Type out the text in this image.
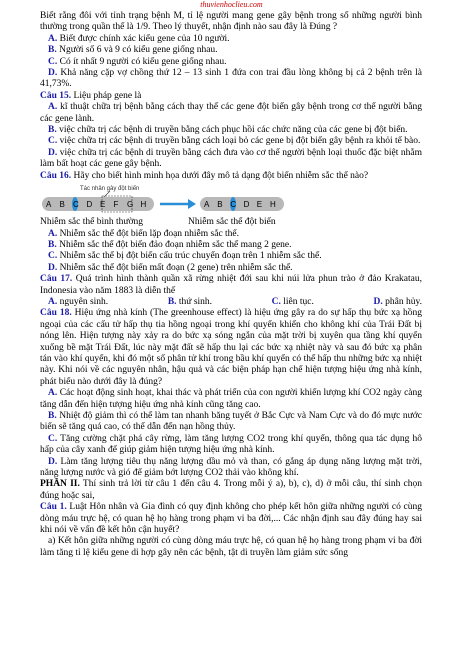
thuvienhoclieu.com

Biết rằng đôi với tỉnh trạng bệnh M, tỉ lệ người mang gene gây bệnh trong số những người bình thường trong quần thể là 1/9. Theo lý thuyết, nhận định nào sau đây là Đúng ?

A. Biết được chính xác kiểu gene của 10 người.

B. Người số 6 và 9 có kiểu gene giống nhau.

C. Có ít nhất 9 người có kiểu gene giống nhau.

D. Khả năng cặp vợ chồng thứ 12 – 13 sinh 1 đứa con trai đầu lòng không bị cả 2 bệnh trên là 41,73%.

Câu 15. Liệu pháp gene là

A. kĩ thuật chữa trị bệnh bằng cách thay thế các gene đột biến gây bệnh trong cơ thể người bằng các gene lành.

B. việc chữa trị các bệnh di truyền bằng cách phục hồi các chức năng của các gene bị đột biến.

C. việc chữa trị các bệnh di truyền bằng cách loại bỏ các gene bị đột biến gây bệnh ra khỏi tế bào.

D. việc chữa trị các bệnh di truyền bằng cách đưa vào cơ thể người bệnh loại thuốc đặc biệt nhằm làm bất hoạt các gene gây bệnh.

Câu 16. Hãy cho biết hình minh họa dưới đây mô tả dạng đột biến nhiễm sắc thể nào?

Tác nhân gây đột biến
A B C D E F G H	A B C D E H
Nhiễm sắc thể bình thường	Nhiễm sắc thể đột biến

A. Nhiễm sắc thể đột biến lặp đoạn nhiễm sắc thể.

B. Nhiễm sắc thể đột biến đảo đoạn nhiễm sắc thể mang 2 gene.

C. Nhiễm sắc thể bị đột biến cấu trúc chuyển đoạn trên 1 nhiễm sắc thể.

D. Nhiễm sắc thể đột biến mất đoạn (2 gene) trên nhiễm sắc thể.

Câu 17. Quá trình hình thành quần xã rừng nhiệt đới sau khi núi lửa phun trào ở đảo Krakatau, Indonesia vào năm 1883 là diễn thế

A. nguyên sinh.	B. thứ sinh.	C. liên tục.	D. phân hủy.

Câu 18. Hiệu ứng nhà kính (The greenhouse effect) là hiệu ứng gây ra do sự hấp thụ bức xạ hồng ngoại của các cấu tử hấp thụ tia hồng ngoại trong khí quyển khiến cho không khí của Trái Đất bị nóng lên. Hiện tượng này xảy ra do bức xạ sóng ngắn của mặt trời bị xuyên qua tầng khí quyển xuống bề mặt Trái Đất, lúc này mặt đất sẽ hấp thu lại các bức xạ nhiệt này và sau đó bức xạ phân tán vào khí quyển, khi đó một số phân tử khí trong bầu khí quyển có thể hấp thu những bức xạ nhiệt này. Khi nói về các nguyên nhân, hậu quả và các biện pháp hạn chế hiện tượng hiệu ứng nhà kính, phát biểu nào dưới đây là đúng?

A. Các hoạt động sinh hoạt, khai thác và phát triển của con người khiến lượng khí CO2 ngày càng tăng dẫn đến hiện tượng hiệu ứng nhà kính cũng tăng cao.

B. Nhiệt độ giảm thì có thể làm tan nhanh băng tuyết ở Bắc Cực và Nam Cực và do đó mực nước biển sẽ tăng quá cao, có thể dẫn đến nạn hồng thủy.

C. Tăng cường chặt phá cây rừng, làm tăng lượng CO2 trong khí quyển, thông qua tác dụng hô hấp của cây xanh để giúp giảm hiện tượng hiệu ứng nhà kính.

D. Làm tăng lượng tiêu thụ năng lượng dầu mỏ và than, có gắng áp dụng năng lượng mặt trời, năng lượng nước và gió để giảm bớt lượng CO2 thải vào không khí.

PHẦN II. Thí sinh trả lời từ câu 1 đến câu 4. Trong mỗi ý a), b), c), d) ở mỗi câu, thí sinh chọn đúng hoặc sai,

Câu 1. Luật Hôn nhân và Gia đình có quy định không cho phép kết hôn giữa những người có cùng dòng máu trực hệ, có quan hệ họ hàng trong phạm vi ba đời,... Các nhận định sau đây đúng hay sai khi nói về vấn đề kết hôn cận huyết?

a) Kết hôn giữa những người có cùng dòng máu trực hệ, có quan hệ họ hàng trong phạm vi ba đời làm tăng tỉ lệ kiểu gene di hợp gây nên các bệnh, tật di truyền làm giảm sức sống
